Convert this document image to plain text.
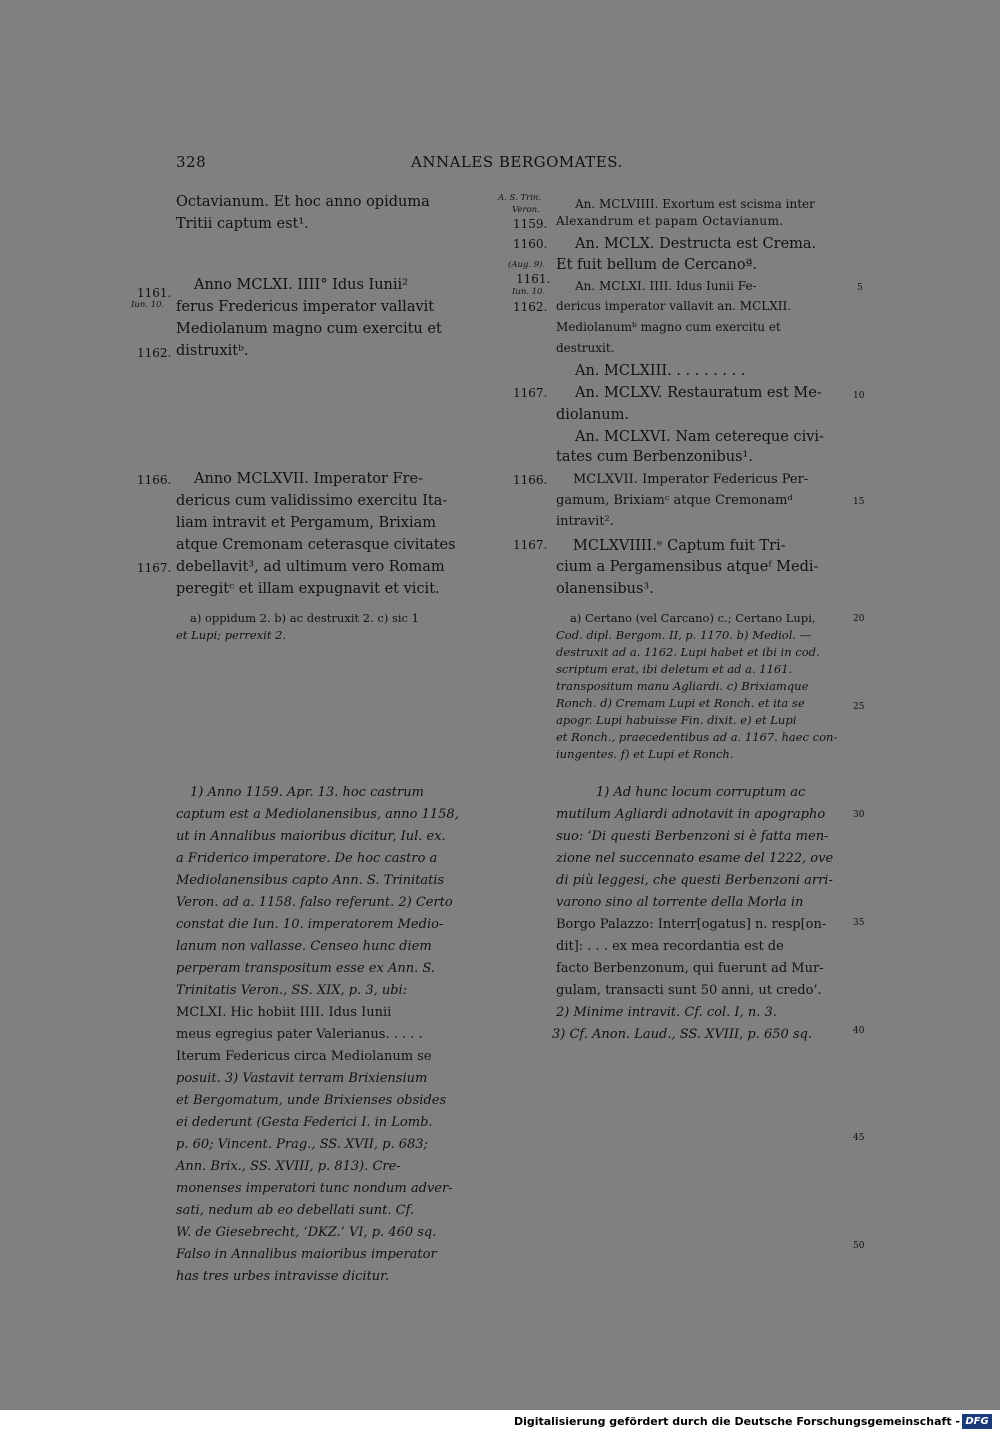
328	ANNALES BERGOMATES.
Octavianum. Et hoc anno opiduma
Tritii captum est¹.
Anno MCLXI. IIII° Idus Iunii²
ferus Fredericus imperator vallavit
Mediolanum magno cum exercitu et
distruxitᵇ.
Anno MCLXVII. Imperator Fre-
dericus cum validissimo exercitu Ita-
liam intravit et Pergamum, Brixiam
atque Cremonam ceterasque civitates
debellavit³, ad ultimum vero Romam
peregitᶜ et illam expugnavit et vicit.
1161.
Iun. 10.
1162.
1166.
1167.
a) oppidum 2. b) ac destruxit 2. c) sic 1
et Lupi; perrexit 2.
An. MCLVIIII. Exortum est scisma inter
Alexandrum et papam Octavianum.
An. MCLX. Destructa est Crema.
Et fuit bellum de Cercanoª.
An. MCLXI. IIII. Idus Iunii Fe-
dericus imperator vallavit an. MCLXII.
Mediolanumᵇ magno cum exercitu et
destruxit.
An. MCLXIII. . . . . . . . .
An. MCLXV. Restauratum est Me-
diolanum.
An. MCLXVI. Nam cetereque civi-
tates cum Berbenzonibus¹.
MCLXVII. Imperator Federicus Per-
gamum, Brixiamᶜ atque Cremonamᵈ
intravit².
MCLXVIIII.ᵉ Captum fuit Tri-
cium a Pergamensibus atqueᶠ Medi-
olanensibus³.
A. S. Trin.
Veron.
1159.
1160.
(Aug. 9).
1161.
Iun. 10.
1162.
1167.
1166.
1167.
a) Certano (vel Carcano) c.; Certano Lupi,
Cod. dipl. Bergom. II, p. 1170. b) Mediol. —
destruxit ad a. 1162. Lupi habet et ibi in cod.
scriptum erat, ibi deletum et ad a. 1161.
transpositum manu Agliardi. c) Brixiamque
Ronch. d) Cremam Lupi et Ronch. et ita se
apogr. Lupi habuisse Fin. dixit. e) et Lupi
et Ronch., praecedentibus ad a. 1167. haec con-
iungentes. f) et Lupi et Ronch.
1) Anno 1159. Apr. 13. hoc castrum
captum est a Mediolanensibus, anno 1158,
ut in Annalibus maioribus dicitur, Iul. ex.
a Friderico imperatore. De hoc castro a
Mediolanensibus capto Ann. S. Trinitatis
Veron. ad a. 1158. falso referunt. 2) Certo
constat die Iun. 10. imperatorem Medio-
lanum non vallasse. Censeo hunc diem
perperam transpositum esse ex Ann. S.
Trinitatis Veron., SS. XIX, p. 3, ubi:
MCLXI. Hic hobiit IIII. Idus Iunii
meus egregius pater Valerianus. . . . .
Iterum Federicus circa Mediolanum se
posuit. 3) Vastavit terram Brixiensium
et Bergomatum, unde Brixienses obsides
ei dederunt (Gesta Federici I. in Lomb.
p. 60; Vincent. Prag., SS. XVII, p. 683;
Ann. Brix., SS. XVIII, p. 813). Cre-
monenses imperatori tunc nondum adver-
sati, nedum ab eo debellati sunt. Cf.
W. de Giesebrecht, ‘DKZ.’ VI, p. 460 sq.
Falso in Annalibus maioribus imperator
has tres urbes intravisse dicitur.
1) Ad hunc locum corruptum ac
mutilum Agliardi adnotavit in apographo
suo: ‘Di questi Berbenzoni si è fatta men-
zione nel succennato esame del 1222, ove
di più leggesi, che questi Berbenzoni arri-
varono sino al torrente della Morla in
Borgo Palazzo: Interr[ogatus] n. resp[on-
dit]: . . . ex mea recordantia est de
facto Berbenzonum, qui fuerunt ad Mur-
gulam, transacti sunt 50 anni, ut credo’.
2) Minime intravit. Cf. col. I, n. 3.
3) Cf. Anon. Laud., SS. XVIII, p. 650 sq.
5
10
15
20
25
30
35
40
45
50
Digitalisierung gefördert durch die Deutsche Forschungsgemeinschaft - DFG
